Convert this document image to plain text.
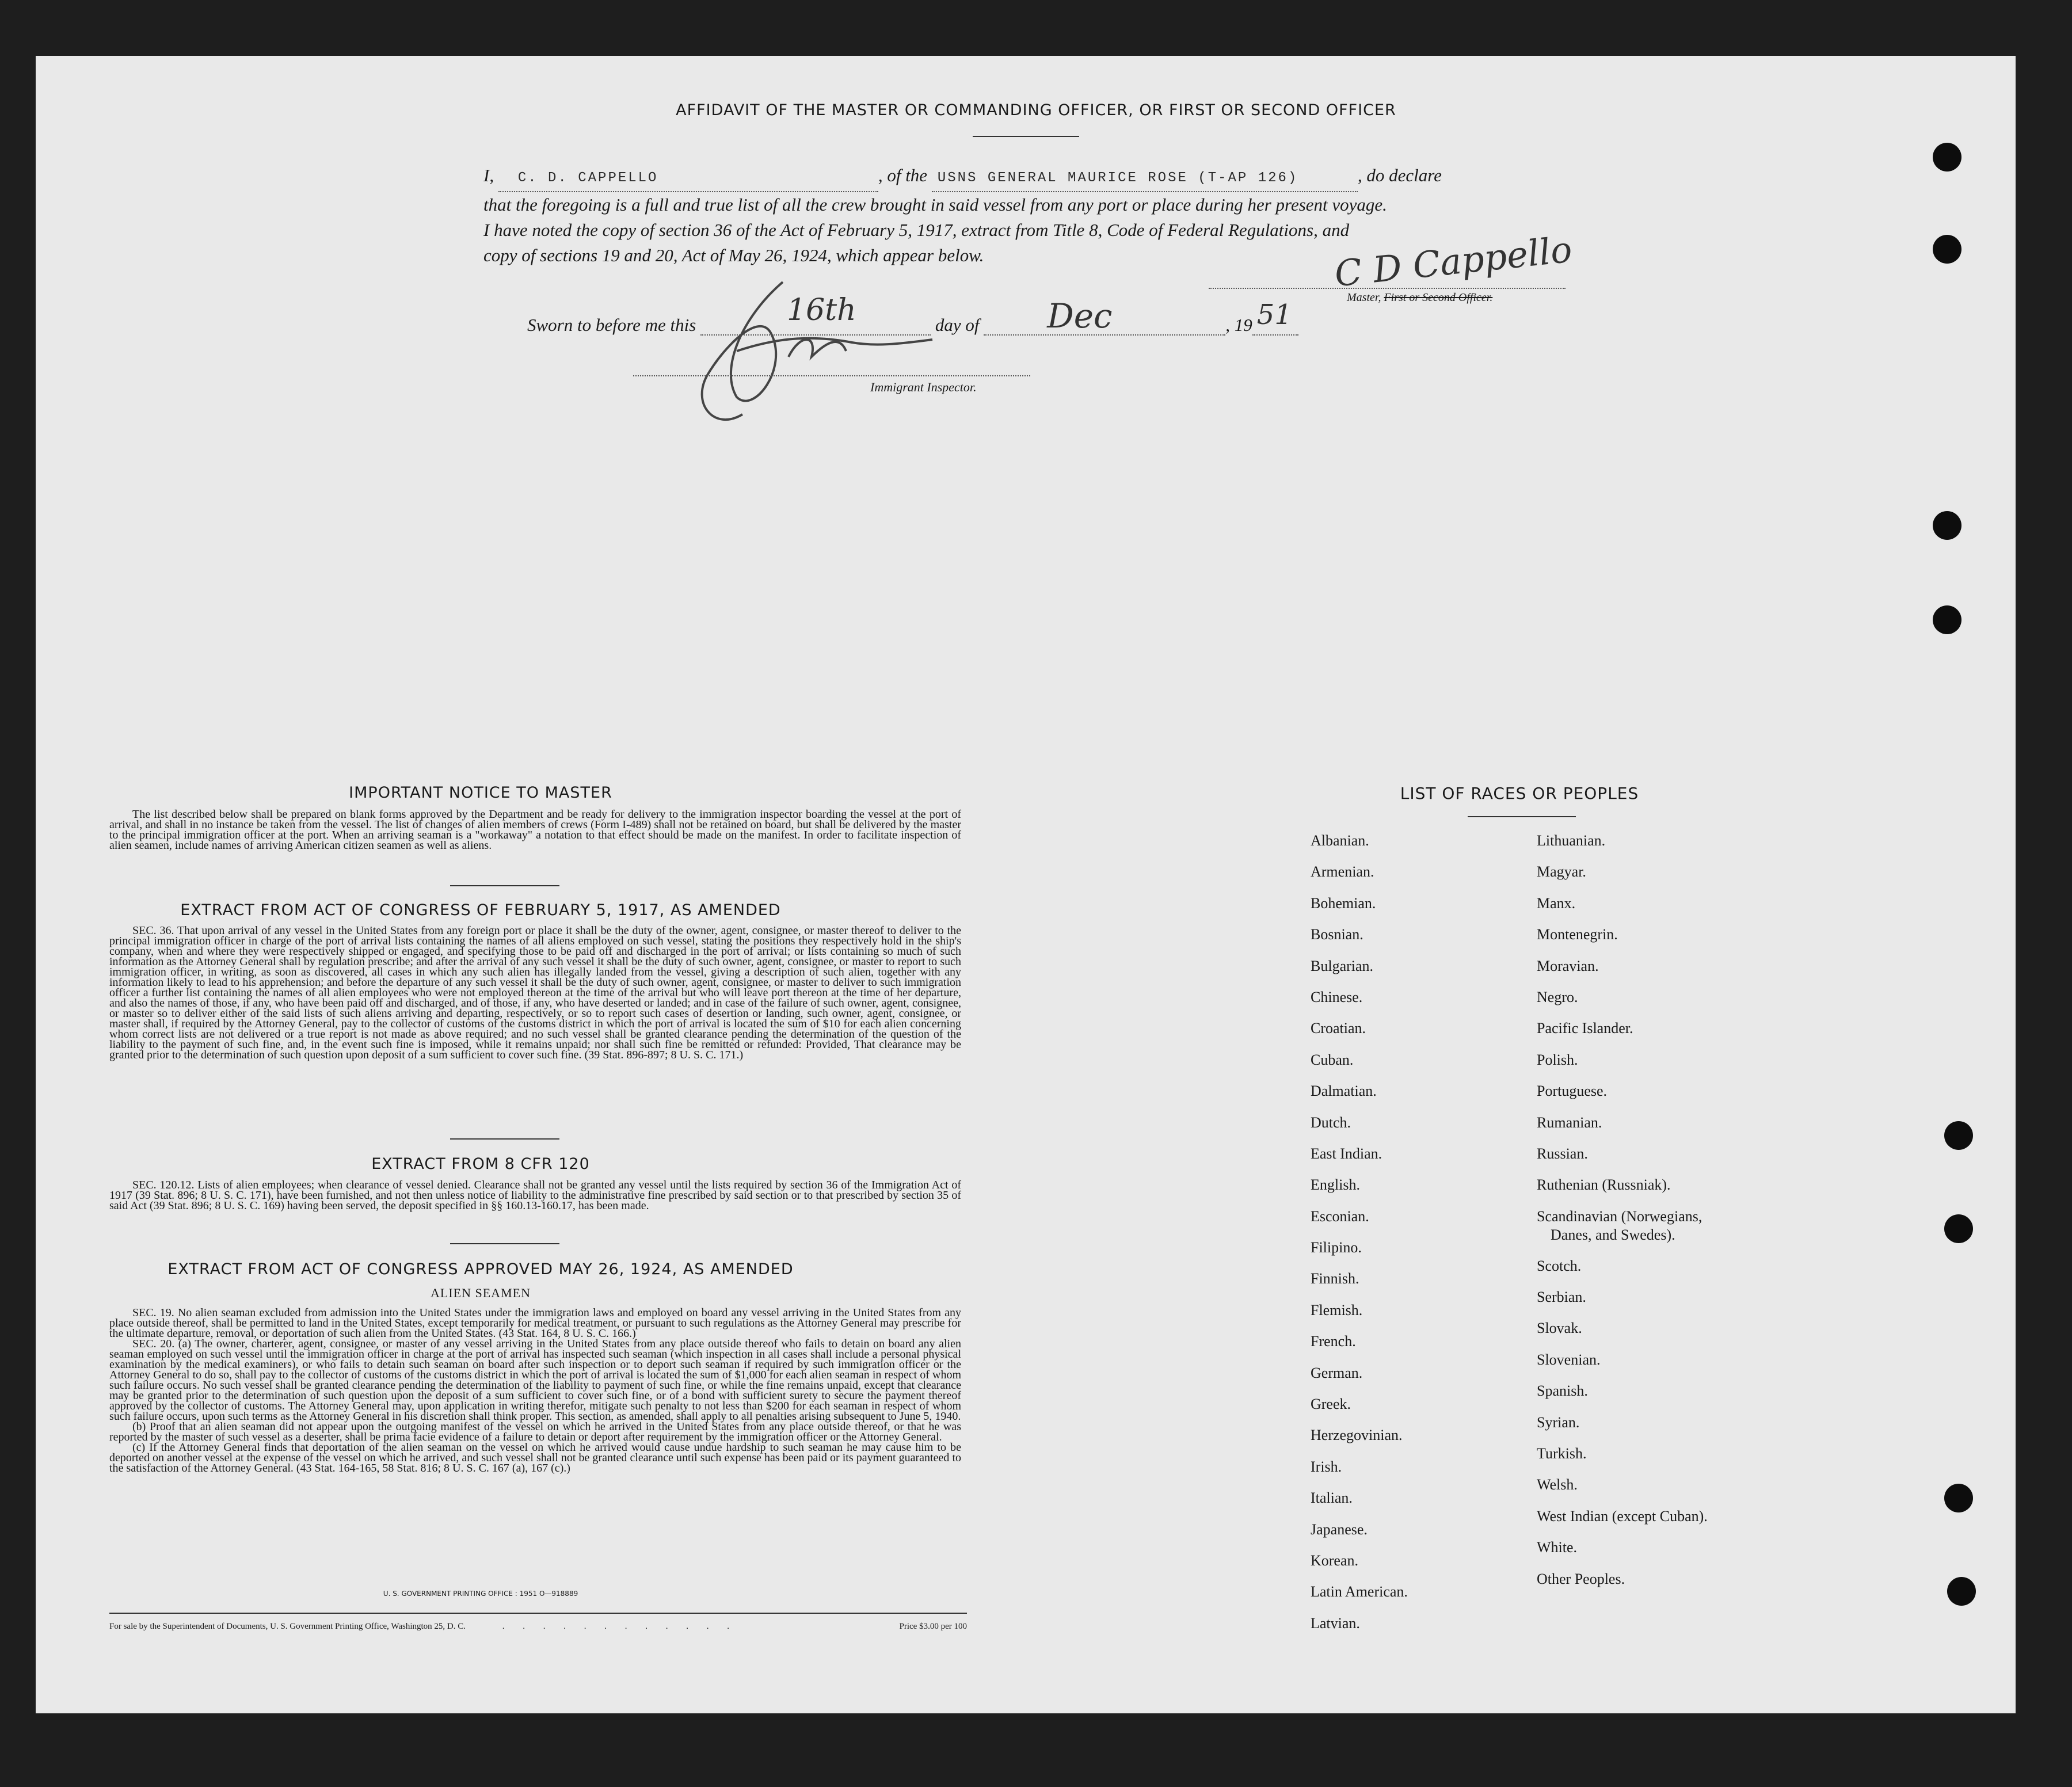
AFFIDAVIT OF THE MASTER OR COMMANDING OFFICER, OR FIRST OR SECOND OFFICER
I, C. D. CAPPELLO	, of the USNS GENERAL MAURICE ROSE (T-AP 126)	, do declare
that the foregoing is a full and true list of all the crew brought in said vessel from any port or place during her present voyage.
I have noted the copy of section 36 of the Act of February 5, 1917, extract from Title 8, Code of Federal Regulations, and
copy of sections 19 and 20, Act of May 26, 1924, which appear below.	C D Cappello
Master, First or Second Officer.
Sworn to before me this	16th	day of Dec	, 19 51
Immigrant Inspector.
IMPORTANT NOTICE TO MASTER

The list described below shall be prepared on blank forms approved by the Department and be ready for delivery to the immigration inspector boarding the vessel at the port of arrival, and shall in no instance be taken from the vessel. The list of changes of alien members of crews (Form I-489) shall not be retained on board, but shall be delivered by the master to the principal immigration officer at the port. When an arriving seaman is a "workaway" a notation to that effect should be made on the manifest. In order to facilitate inspection of alien seamen, include names of arriving American citizen seamen as well as aliens.

EXTRACT FROM ACT OF CONGRESS OF FEBRUARY 5, 1917, AS AMENDED

SEC. 36. That upon arrival of any vessel in the United States from any foreign port or place it shall be the duty of the owner, agent, consignee, or master thereof to deliver to the principal immigration officer in charge of the port of arrival lists containing the names of all aliens employed on such vessel, stating the positions they respectively hold in the ship's company, when and where they were respectively shipped or engaged, and specifying those to be paid off and discharged in the port of arrival; or lists containing so much of such information as the Attorney General shall by regulation prescribe; and after the arrival of any such vessel it shall be the duty of such owner, agent, consignee, or master to report to such immigration officer, in writing, as soon as discovered, all cases in which any such alien has illegally landed from the vessel, giving a description of such alien, together with any information likely to lead to his apprehension; and before the departure of any such vessel it shall be the duty of such owner, agent, consignee, or master to deliver to such immigration officer a further list containing the names of all alien employees who were not employed thereon at the time of the arrival but who will leave port thereon at the time of her departure, and also the names of those, if any, who have been paid off and discharged, and of those, if any, who have deserted or landed; and in case of the failure of such owner, agent, consignee, or master so to deliver either of the said lists of such aliens arriving and departing, respectively, or so to report such cases of desertion or landing, such owner, agent, consignee, or master shall, if required by the Attorney General, pay to the collector of customs of the customs district in which the port of arrival is located the sum of $10 for each alien concerning whom correct lists are not delivered or a true report is not made as above required; and no such vessel shall be granted clearance pending the determination of the question of the liability to the payment of such fine, and, in the event such fine is imposed, while it remains unpaid; nor shall such fine be remitted or refunded: Provided, That clearance may be granted prior to the determination of such question upon deposit of a sum sufficient to cover such fine. (39 Stat. 896-897; 8 U. S. C. 171.)

EXTRACT FROM 8 CFR 120

SEC. 120.12. Lists of alien employees; when clearance of vessel denied. Clearance shall not be granted any vessel until the lists required by section 36 of the Immigration Act of 1917 (39 Stat. 896; 8 U. S. C. 171), have been furnished, and not then unless notice of liability to the administrative fine prescribed by said section or to that prescribed by section 35 of said Act (39 Stat. 896; 8 U. S. C. 169) having been served, the deposit specified in §§ 160.13-160.17, has been made.

EXTRACT FROM ACT OF CONGRESS APPROVED MAY 26, 1924, AS AMENDED
ALIEN SEAMEN

SEC. 19. No alien seaman excluded from admission into the United States under the immigration laws and employed on board any vessel arriving in the United States from any place outside thereof, shall be permitted to land in the United States, except temporarily for medical treatment, or pursuant to such regulations as the Attorney General may prescribe for the ultimate departure, removal, or deportation of such alien from the United States. (43 Stat. 164, 8 U. S. C. 166.)

SEC. 20. (a) The owner, charterer, agent, consignee, or master of any vessel arriving in the United States from any place outside thereof who fails to detain on board any alien seaman employed on such vessel until the immigration officer in charge at the port of arrival has inspected such seaman (which inspection in all cases shall include a personal physical examination by the medical examiners), or who fails to detain such seaman on board after such inspection or to deport such seaman if required by such immigration officer or the Attorney General to do so, shall pay to the collector of customs of the customs district in which the port of arrival is located the sum of $1,000 for each alien seaman in respect of whom such failure occurs. No such vessel shall be granted clearance pending the determination of the liability to payment of such fine, or while the fine remains unpaid, except that clearance may be granted prior to the determination of such question upon the deposit of a sum sufficient to cover such fine, or of a bond with sufficient surety to secure the payment thereof approved by the collector of customs. The Attorney General may, upon application in writing therefor, mitigate such penalty to not less than $200 for each seaman in respect of whom such failure occurs, upon such terms as the Attorney General in his discretion shall think proper. This section, as amended, shall apply to all penalties arising subsequent to June 5, 1940.

(b) Proof that an alien seaman did not appear upon the outgoing manifest of the vessel on which he arrived in the United States from any place outside thereof, or that he was reported by the master of such vessel as a deserter, shall be prima facie evidence of a failure to detain or deport after requirement by the immigration officer or the Attorney General.

(c) If the Attorney General finds that deportation of the alien seaman on the vessel on which he arrived would cause undue hardship to such seaman he may cause him to be deported on another vessel at the expense of the vessel on which he arrived, and such vessel shall not be granted clearance until such expense has been paid or its payment guaranteed to the satisfaction of the Attorney General. (43 Stat. 164-165, 58 Stat. 816; 8 U. S. C. 167 (a), 167 (c).)

U. S. GOVERNMENT PRINTING OFFICE : 1951 O—918889
For sale by the Superintendent of Documents, U. S. Government Printing Office, Washington 25, D. C.	. . . . . . . . . . . .	Price $3.00 per 100
LIST OF RACES OR PEOPLES
Albanian.
Armenian.
Bohemian.
Bosnian.
Bulgarian.
Chinese.
Croatian.
Cuban.
Dalmatian.
Dutch.
East Indian.
English.
Esconian.
Filipino.
Finnish.
Flemish.
French.
German.
Greek.
Herzegovinian.
Irish.
Italian.
Japanese.
Korean.
Latin American.
Latvian.
Lithuanian.
Magyar.
Manx.
Montenegrin.
Moravian.
Negro.
Pacific Islander.
Polish.
Portuguese.
Rumanian.
Russian.
Ruthenian (Russniak).
Scandinavian (Norwegians,
Danes, and Swedes).
Scotch.
Serbian.
Slovak.
Slovenian.
Spanish.
Syrian.
Turkish.
Welsh.
West Indian (except Cuban).
White.
Other Peoples.
